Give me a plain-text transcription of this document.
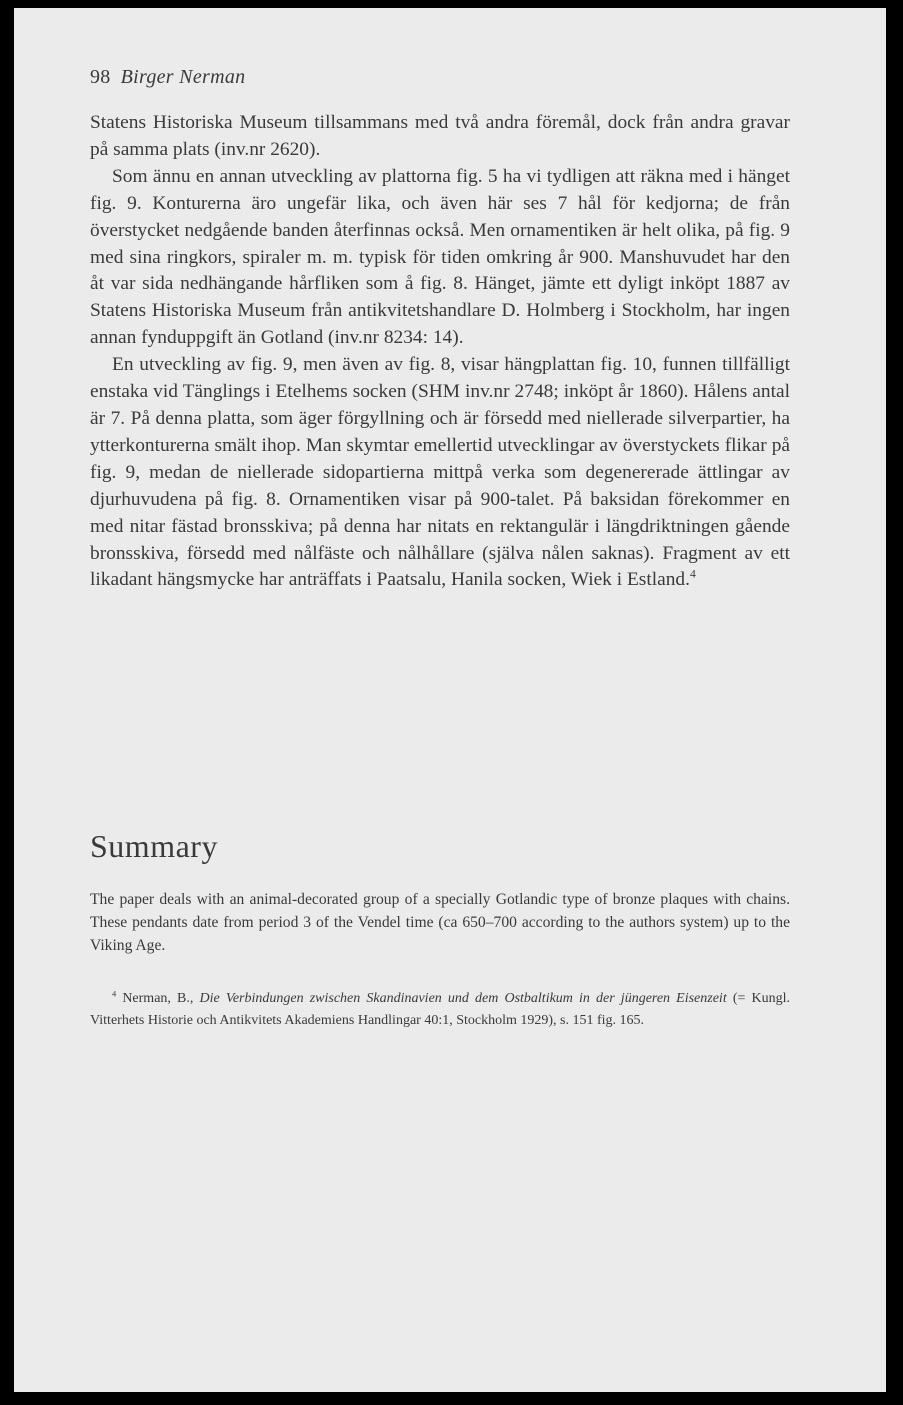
98 Birger Nerman

Statens Historiska Museum tillsammans med två andra föremål, dock från andra gravar på samma plats (inv.nr 2620).

Som ännu en annan utveckling av plattorna fig. 5 ha vi tydligen att räkna med i hänget fig. 9. Konturerna äro ungefär lika, och även här ses 7 hål för kedjorna; de från överstycket nedgående banden återfinnas också. Men ornamentiken är helt olika, på fig. 9 med sina ringkors, spiraler m. m. typisk för tiden omkring år 900. Manshuvudet har den åt var sida nedhängande hårfliken som å fig. 8. Hänget, jämte ett dyligt inköpt 1887 av Statens Historiska Museum från antikvitetshandlare D. Holmberg i Stockholm, har ingen annan fynduppgift än Gotland (inv.nr 8234: 14).

En utveckling av fig. 9, men även av fig. 8, visar hängplattan fig. 10, funnen tillfälligt enstaka vid Tänglings i Etelhems socken (SHM inv.nr 2748; inköpt år 1860). Hålens antal är 7. På denna platta, som äger förgyllning och är försedd med niellerade silverpartier, ha ytterkonturerna smält ihop. Man skymtar emellertid utvecklingar av överstyckets flikar på fig. 9, medan de niellerade sidopartierna mittpå verka som degenererade ättlingar av djurhuvudena på fig. 8. Ornamentiken visar på 900-talet. På baksidan förekommer en med nitar fästad bronsskiva; på denna har nitats en rektangulär i längdriktningen gående bronsskiva, försedd med nålfäste och nålhållare (själva nålen saknas). Fragment av ett likadant hängsmycke har anträffats i Paatsalu, Hanila socken, Wiek i Estland.$^4$

Summary

The paper deals with an animal-decorated group of a specially Gotlandic type of bronze plaques with chains. These pendants date from period 3 of the Vendel time (ca 650–700 according to the authors system) up to the Viking Age.

$^4$ Nerman, B., Die Verbindungen zwischen Skandinavien und dem Ostbaltikum in der jüngeren Eisenzeit (= Kungl. Vitterhets Historie och Antikvitets Akademiens Handlingar 40:1, Stockholm 1929), s. 151 fig. 165.
